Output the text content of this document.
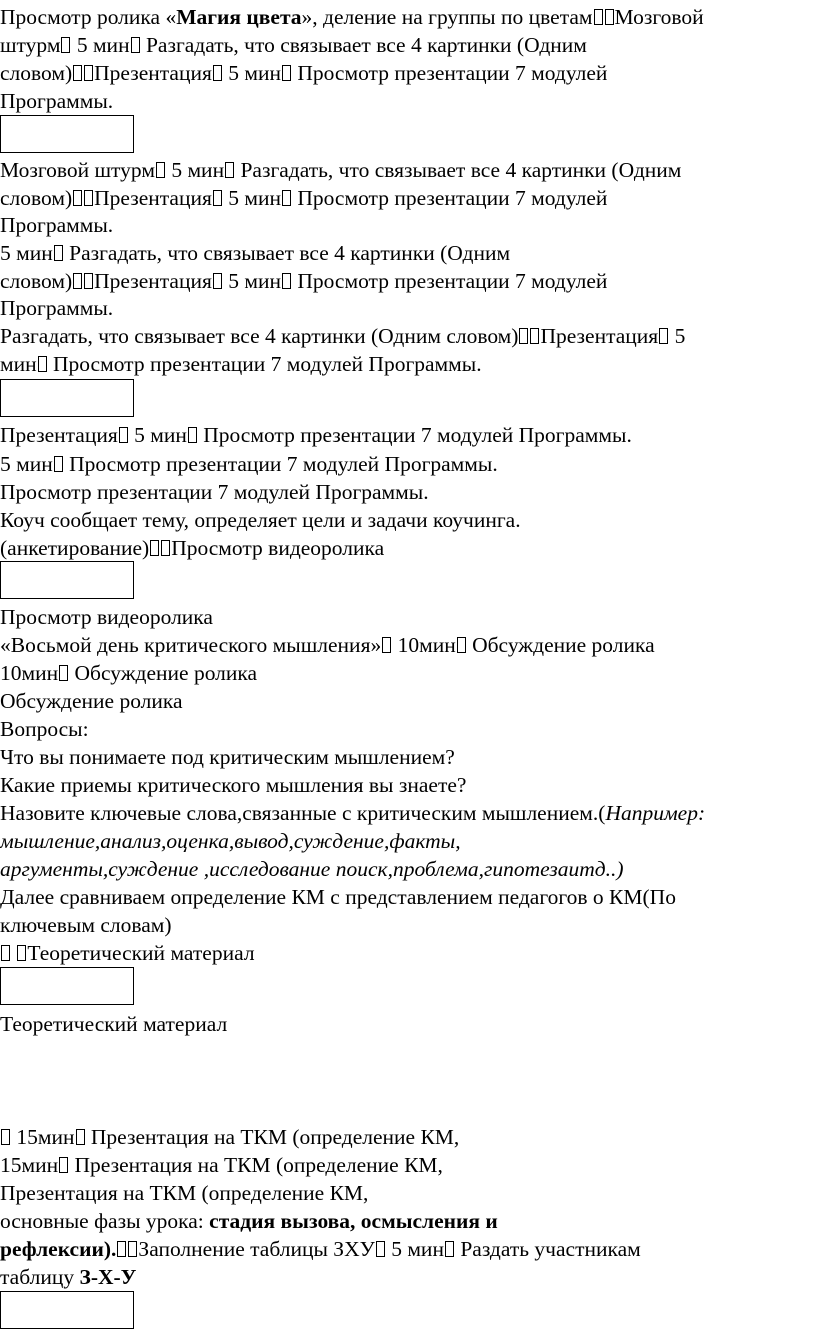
Просмотр ролика «Магия цвета», деление на группы по цветам Мозговой

штурм 5 мин Разгадать, что связывает все 4 картинки (Одним

словом) Презентация 5 мин Просмотр презентации 7 модулей

Программы.

Мозговой штурм 5 мин Разгадать, что связывает все 4 картинки (Одним

словом) Презентация 5 мин Просмотр презентации 7 модулей

Программы.

5 мин Разгадать, что связывает все 4 картинки (Одним

словом) Презентация 5 мин Просмотр презентации 7 модулей

Программы.

Разгадать, что связывает все 4 картинки (Одним словом) Презентация 5

мин Просмотр презентации 7 модулей Программы.

Презентация 5 мин Просмотр презентации 7 модулей Программы.

5 мин Просмотр презентации 7 модулей Программы.

Просмотр презентации 7 модулей Программы.

Коуч сообщает тему, определяет цели и задачи коучинга.

(анкетирование) Просмотр видеоролика

Просмотр видеоролика

«Восьмой день критического мышления» 10мин Обсуждение ролика

10мин Обсуждение ролика

Обсуждение ролика

Вопросы:

Что вы понимаете под критическим мышлением?

Какие приемы критического мышления вы знаете?

Назовите ключевые слова,связанные с критическим мышлением.(Например:

мышление,анализ,оценка,вывод,суждение,факты,

аргументы,суждение ,исследование поиск,проблема,гипотезаитд..)

Далее сравниваем определение КМ с представлением педагогов о КМ(По

ключевым словам)

Теоретический материал

Теоретический материал

15мин Презентация на ТКМ (определение КМ,

15мин Презентация на ТКМ (определение КМ,

Презентация на ТКМ (определение КМ,

основные фазы урока: стадия вызова, осмысления и

рефлексии). Заполнение таблицы ЗХУ 5 мин Раздать участникам

таблицу З-Х-У
